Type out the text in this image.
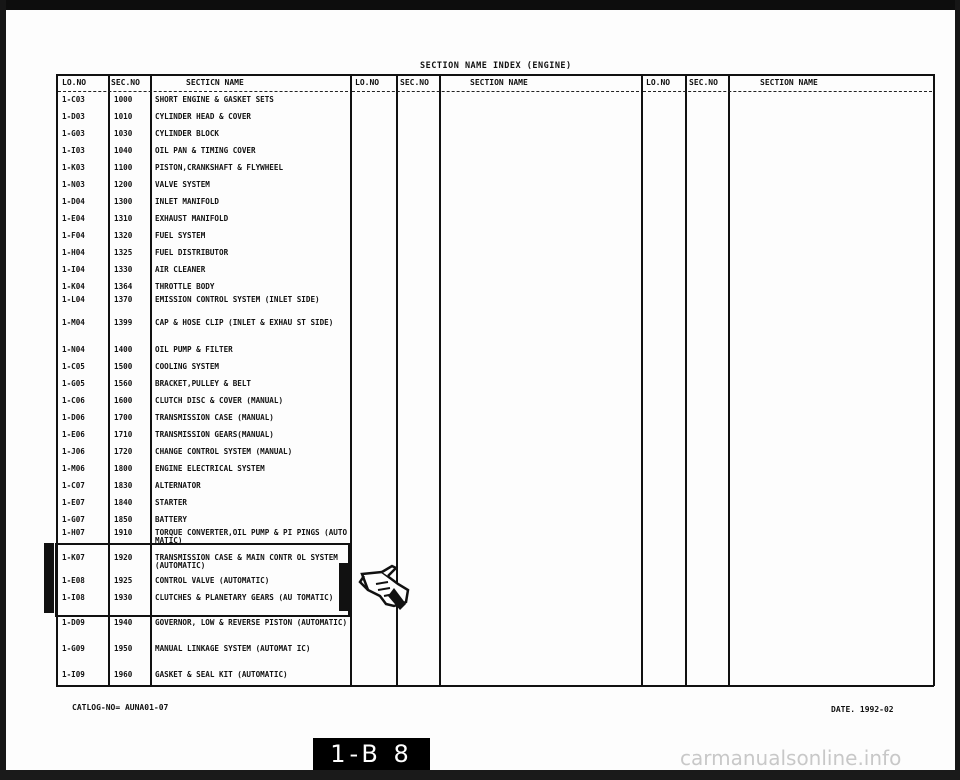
SECTION NAME INDEX (ENGINE)
LO.NO	SEC.NO	SECTICN NAME	LO.NO	SEC.NO	SECTION NAME	LO.NO SEC.NO	SECTION NAME
1-C03	1000	SHORT ENGINE & GASKET SETS
1-D03	1010	CYLINDER HEAD & COVER
1-G03	1030	CYLINDER BLOCK
1-I03	1040	OIL PAN & TIMING COVER
1-K03	1100	PISTON,CRANKSHAFT & FLYWHEEL
1-N03	1200	VALVE SYSTEM
1-D04	1300	INLET MANIFOLD
1-E04	1310	EXHAUST MANIFOLD
1-F04	1320	FUEL SYSTEM
1-H04	1325	FUEL DISTRIBUTOR
1-I04	1330	AIR CLEANER
1-K04	1364	THROTTLE BODY
1-L04	1370	EMISSION CONTROL SYSTEM (INLET SIDE)
1-M04	1399	CAP & HOSE CLIP (INLET & EXHAU ST SIDE)
1-N04	1400	OIL PUMP & FILTER
1-C05	1500	COOLING SYSTEM
1-G05	1560	BRACKET,PULLEY & BELT
1-C06	1600	CLUTCH DISC & COVER (MANUAL)
1-D06	1700	TRANSMISSION CASE (MANUAL)
1-E06	1710	TRANSMISSION GEARS(MANUAL)
1-J06	1720	CHANGE CONTROL SYSTEM (MANUAL)
1-M06	1800	ENGINE ELECTRICAL SYSTEM
1-C07	1830	ALTERNATOR
1-E07	1840	STARTER
1-G07	1850	BATTERY
1-H07	1910	TORQUE CONVERTER,OIL PUMP & PI PINGS (AUTOMATIC)
1-K07	1920	TRANSMISSION CASE & MAIN CONTR OL SYSTEM (AUTOMATIC)
1-E08	1925	CONTROL VALVE (AUTOMATIC)
1-I08	1930	CLUTCHES & PLANETARY GEARS (AU TOMATIC)
1-D09	1940	GOVERNOR, LOW & REVERSE PISTON (AUTOMATIC)
1-G09	1950	MANUAL LINKAGE SYSTEM (AUTOMAT IC)
1-I09	1960	GASKET & SEAL KIT (AUTOMATIC)
CATLOG-NO= AUNA01-07	DATE. 1992-02
1-B 8	carmanualsonline.info
